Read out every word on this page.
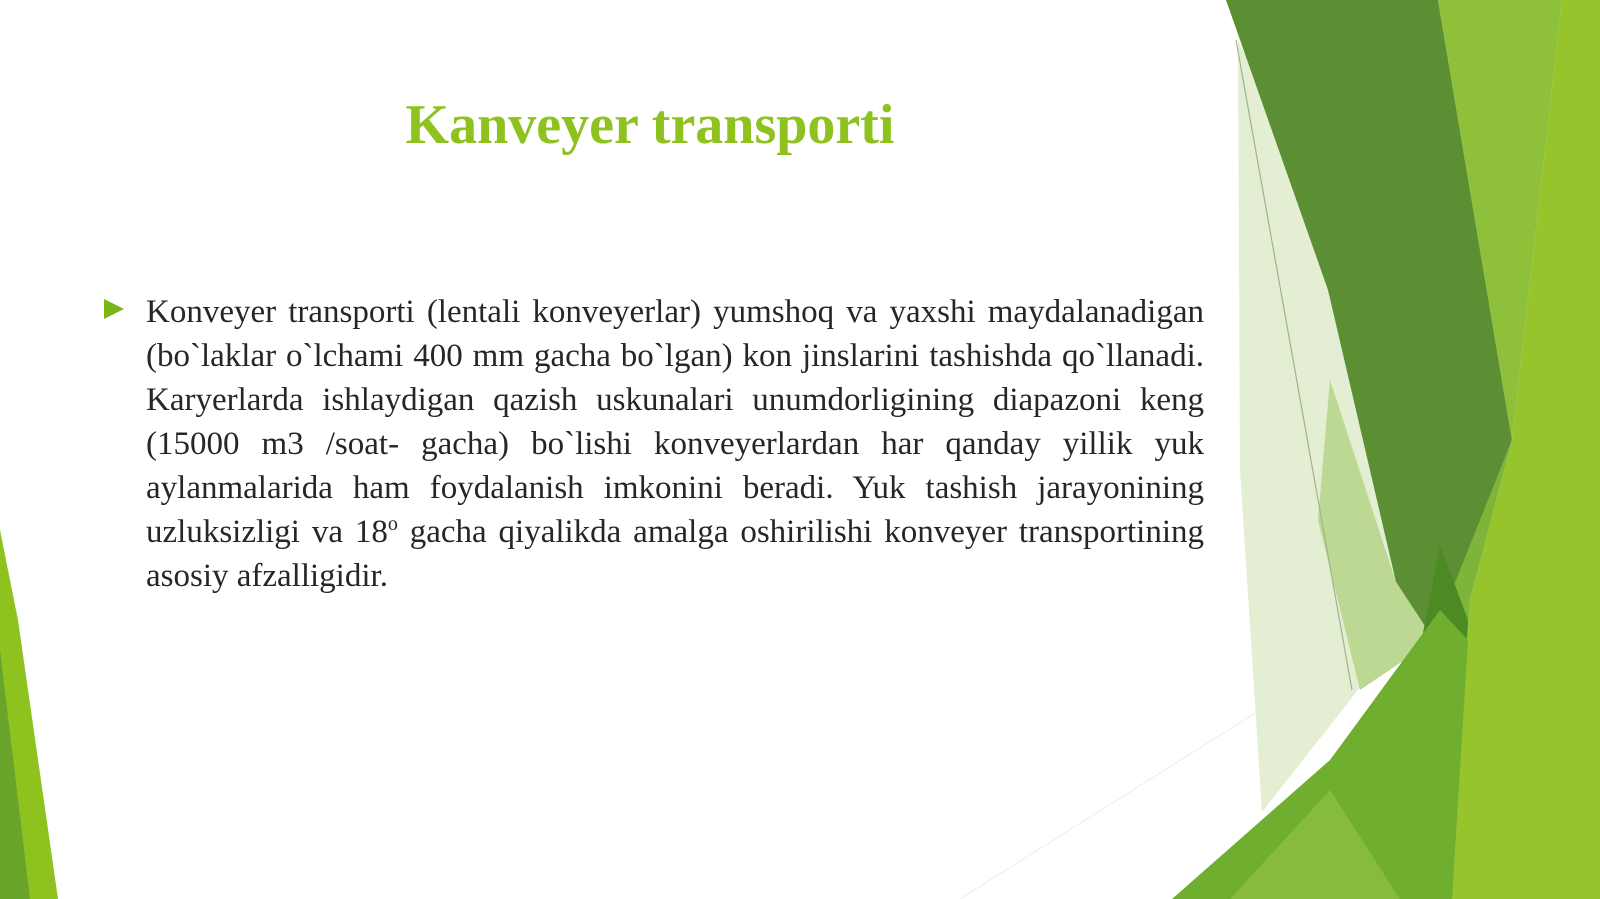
Kanveyer transporti

Konveyer transporti (lentali konveyerlar) yumshoq va yaxshi maydalanadigan (bo`laklar o`lchami 400 mm gacha bo`lgan) kon jinslarini tashishda qo`llanadi. Karyerlarda ishlaydigan qazish uskunalari unumdorligining diapazoni keng (15000 m3 /soat- gacha) bo`lishi konveyerlardan har qanday yillik yuk aylanmalarida ham foydalanish imkonini beradi. Yuk tashish jarayonining uzluksizligi va 18$^o$ gacha qiyalikda amalga oshirilishi konveyer transportining asosiy afzalligidir.
